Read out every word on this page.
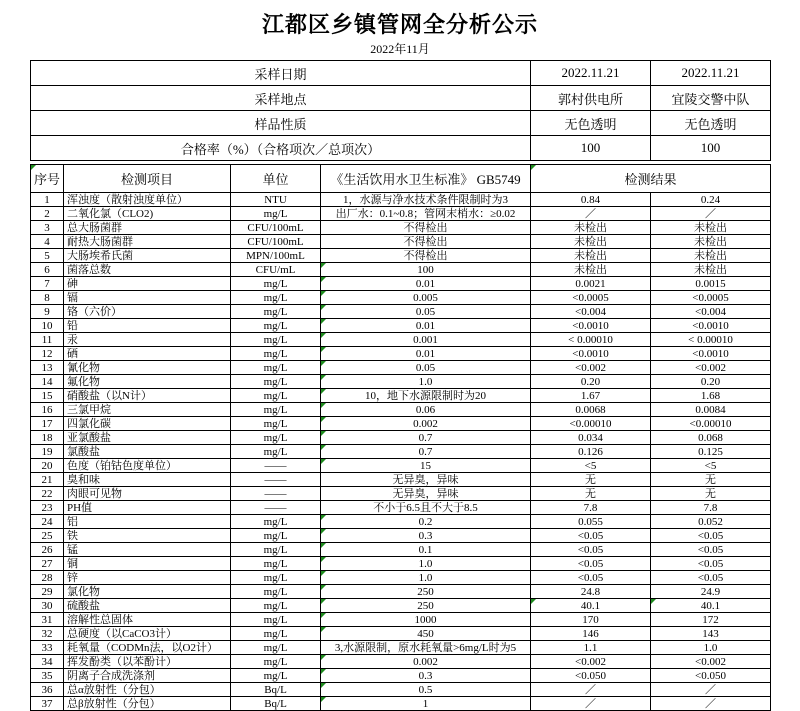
江都区乡镇管网全分析公示
2022年11月
采样日期	2022.11.21	2022.11.21
采样地点	郭村供电所	宜陵交警中队
样品性质	无色透明	无色透明
合格率（%）（合格项次／总项次）	100	100
序号	检测项目	单位	《生活饮用水卫生标准》 GB5749	检测结果	
1	浑浊度（散射浊度单位）	NTU	1，水源与净水技术条件限制时为3	0.84	0.24
2	二氧化氯（CLO2)	mg/L	出厂水：0.1~0.8；管网末梢水：≥0.02	／	／
3	总大肠菌群	CFU/100mL	不得检出	未检出	未检出
4	耐热大肠菌群	CFU/100mL	不得检出	未检出	未检出
5	大肠埃希氏菌	MPN/100mL	不得检出	未检出	未检出
6	菌落总数	CFU/mL	100	未检出	未检出
7	砷	mg/L	0.01	0.0021	0.0015
8	镉	mg/L	0.005	<0.0005	<0.0005
9	铬（六价）	mg/L	0.05	<0.004	<0.004
10	铅	mg/L	0.01	<0.0010	<0.0010
11	汞	mg/L	0.001	< 0.00010	< 0.00010
12	硒	mg/L	0.01	<0.0010	<0.0010
13	氰化物	mg/L	0.05	<0.002	<0.002
14	氟化物	mg/L	1.0	0.20	0.20
15	硝酸盐（以N计）	mg/L	10，地下水源限制时为20	1.67	1.68
16	三氯甲烷	mg/L	0.06	0.0068	0.0084
17	四氯化碳	mg/L	0.002	<0.00010	<0.00010
18	亚氯酸盐	mg/L	0.7	0.034	0.068
19	氯酸盐	mg/L	0.7	0.126	0.125
20	色度（铂钴色度单位）	——	15	<5	<5
21	臭和味	——	无异臭，异味	无	无
22	肉眼可见物	——	无异臭，异味	无	无
23	PH值	——	不小于6.5且不大于8.5	7.8	7.8
24	铝	mg/L	0.2	0.055	0.052
25	铁	mg/L	0.3	<0.05	<0.05
26	锰	mg/L	0.1	<0.05	<0.05
27	铜	mg/L	1.0	<0.05	<0.05
28	锌	mg/L	1.0	<0.05	<0.05
29	氯化物	mg/L	250	24.8	24.9
30	硫酸盐	mg/L	250	40.1	40.1

31	溶解性总固体	mg/L	1000	170	172
32	总硬度（以CaCO3计）	mg/L	450	146	143
33	耗氧量（CODMn法，以O2计）	mg/L	3,水源限制，原水耗氧量>6mg/L时为5	1.1	1.0
34	挥发酚类（以苯酚计）	mg/L	0.002	<0.002	<0.002
35	阴离子合成洗涤剂	mg/L	0.3	<0.050	<0.050
36	总α放射性（分包）	Bq/L	0.5	／	／
37	总β放射性（分包）	Bq/L	1	／	／
